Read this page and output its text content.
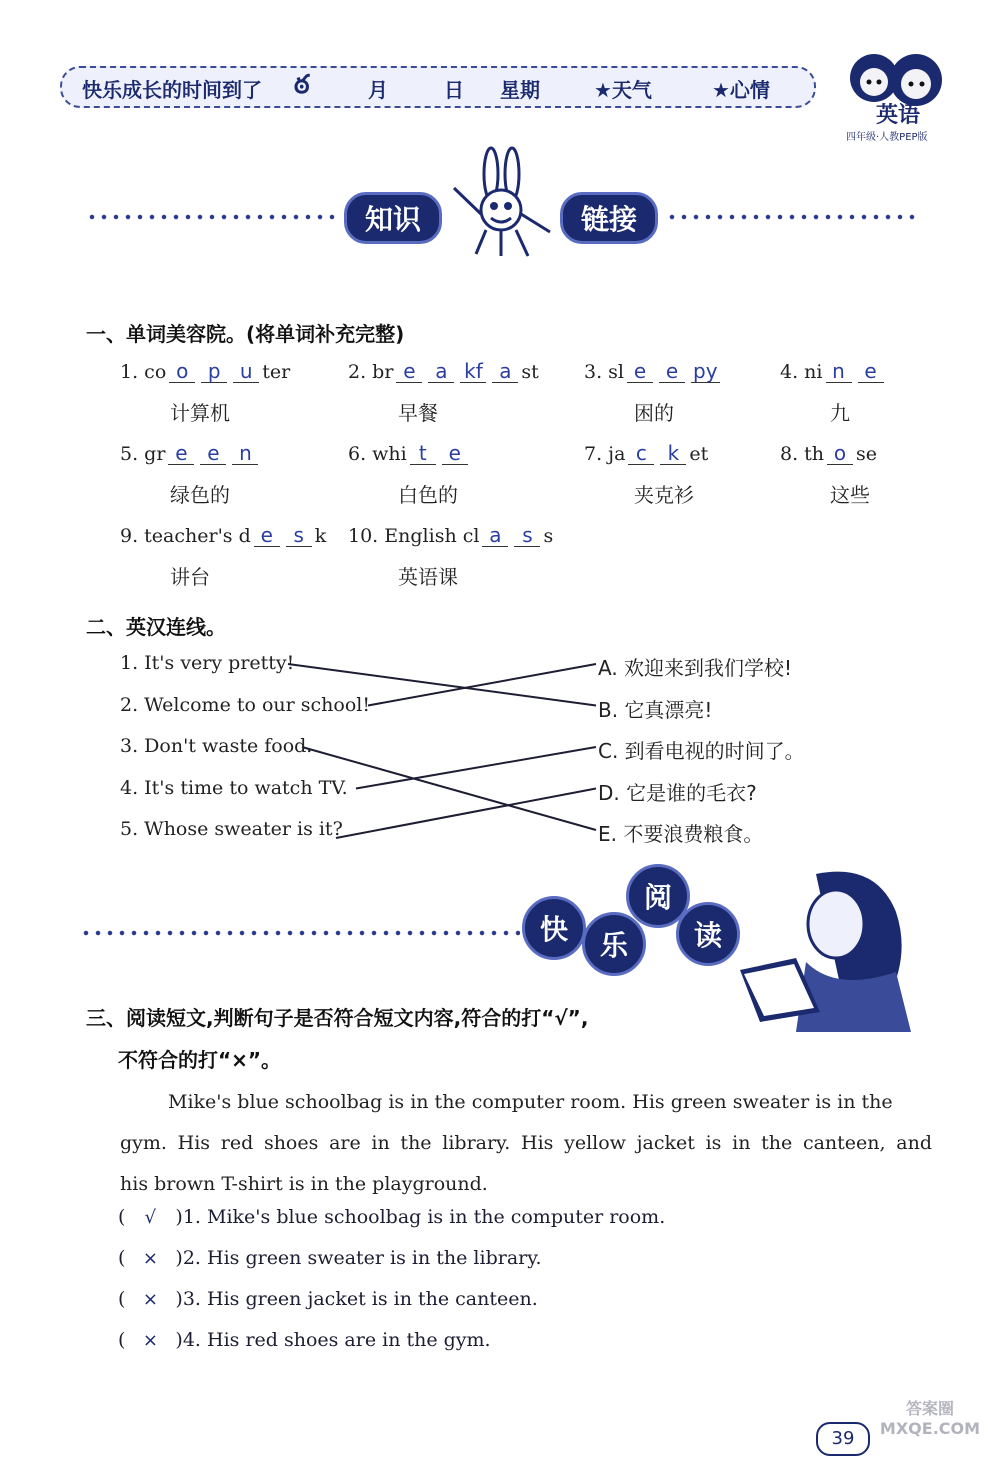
快乐成长的时间到了 ఠ	月	日 星期	★天气	★心情
英语
四年级·人教PEP版
知识	链接
一、单词美容院。(将单词补充完整)
1. co o p u ter
计算机
2. br e a kf a st
早餐
3. sl e e py
困的
4. ni n e
九
5. gr e e n
绿色的
6. whi t e
白色的
7. ja c k et
夹克衫
8. th o se
这些
9. teacher's d e s k
讲台
10. English cl a s s
英语课
二、英汉连线。
1. It's very pretty!
2. Welcome to our school!
3. Don't waste food.
4. It's time to watch TV.
5. Whose sweater is it?
A. 欢迎来到我们学校!
B. 它真漂亮!
C. 到看电视的时间了。
D. 它是谁的毛衣?
E. 不要浪费粮食。
快	乐
阅
读
三、阅读短文,判断句子是否符合短文内容,符合的打“√”,
不符合的打“×”。

Mike's blue schoolbag is in the computer room. His green sweater is in the

gym. His red shoes are in the library. His yellow jacket is in the canteen, and

his brown T-shirt is in the playground.

( √ )1. Mike's blue schoolbag is in the computer room.
( × )2. His green sweater is in the library.
( × )3. His green jacket is in the canteen.
( × )4. His red shoes are in the gym.
39
答案圈 MXQE.COM
